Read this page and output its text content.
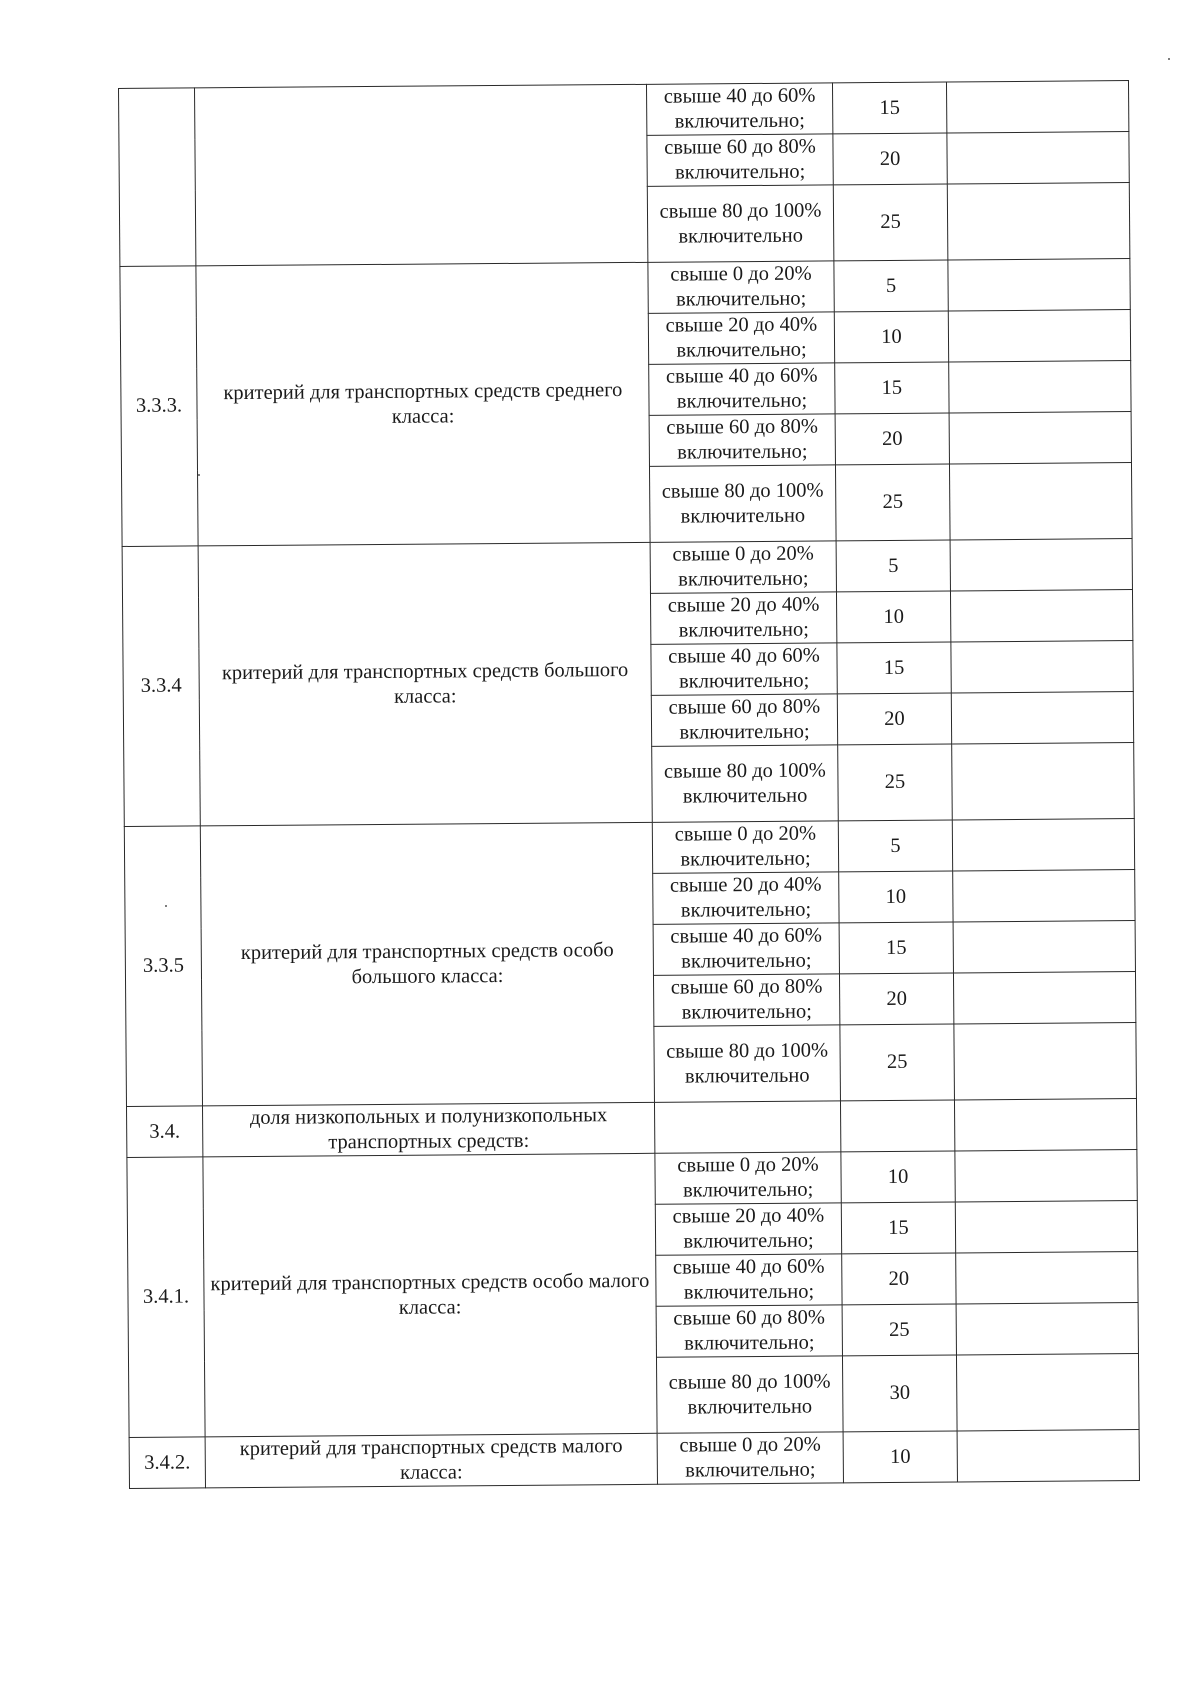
		свыше 40 до 60% включительно;	15	
		свыше 60 до 80% включительно;	20	
		свыше 80 до 100% включительно	25	
3.3.3.	критерий для транспортных средств среднего класса:	свыше 0 до 20% включительно;	5	
		свыше 20 до 40% включительно;	10	
		свыше 40 до 60% включительно;	15	
		свыше 60 до 80% включительно;	20	
		свыше 80 до 100% включительно	25	
3.3.4	критерий для транспортных средств большого класса:	свыше 0 до 20% включительно;	5	
		свыше 20 до 40% включительно;	10	
		свыше 40 до 60% включительно;	15	
		свыше 60 до 80% включительно;	20	
		свыше 80 до 100% включительно	25	
3.3.5	критерий для транспортных средств особо большого класса:	свыше 0 до 20% включительно;	5	
		свыше 20 до 40% включительно;	10	
		свыше 40 до 60% включительно;	15	
		свыше 60 до 80% включительно;	20	
		свыше 80 до 100% включительно	25	
3.4.	доля низкопольных и полунизкопольных транспортных средств:			
3.4.1.	критерий для транспортных средств особо малого класса:	свыше 0 до 20% включительно;	10	
		свыше 20 до 40% включительно;	15	
		свыше 40 до 60% включительно;	20	
		свыше 60 до 80% включительно;	25	
		свыше 80 до 100% включительно	30	
3.4.2.	критерий для транспортных средств малого класса:	свыше 0 до 20% включительно;	10	
